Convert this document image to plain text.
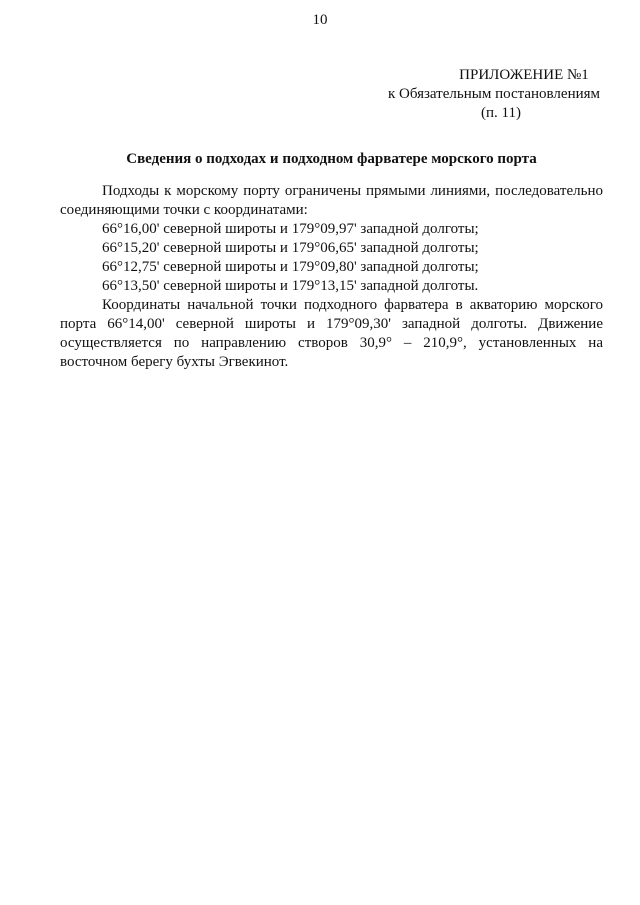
10
ПРИЛОЖЕНИЕ №1
к Обязательным постановлениям
(п. 11)
Сведения о подходах и подходном фарватере морского порта

Подходы к морскому порту ограничены прямыми линиями, последовательно соединяющими точки с координатами:

66°16,00' северной широты и 179°09,97' западной долготы;
66°15,20' северной широты и 179°06,65' западной долготы;
66°12,75' северной широты и 179°09,80' западной долготы;
66°13,50' северной широты и 179°13,15' западной долготы.

Координаты начальной точки подходного фарватера в акваторию морского порта 66°14,00' северной широты и 179°09,30' западной долготы. Движение осуществляется по направлению створов 30,9° – 210,9°, установленных на восточном берегу бухты Эгвекинот.
